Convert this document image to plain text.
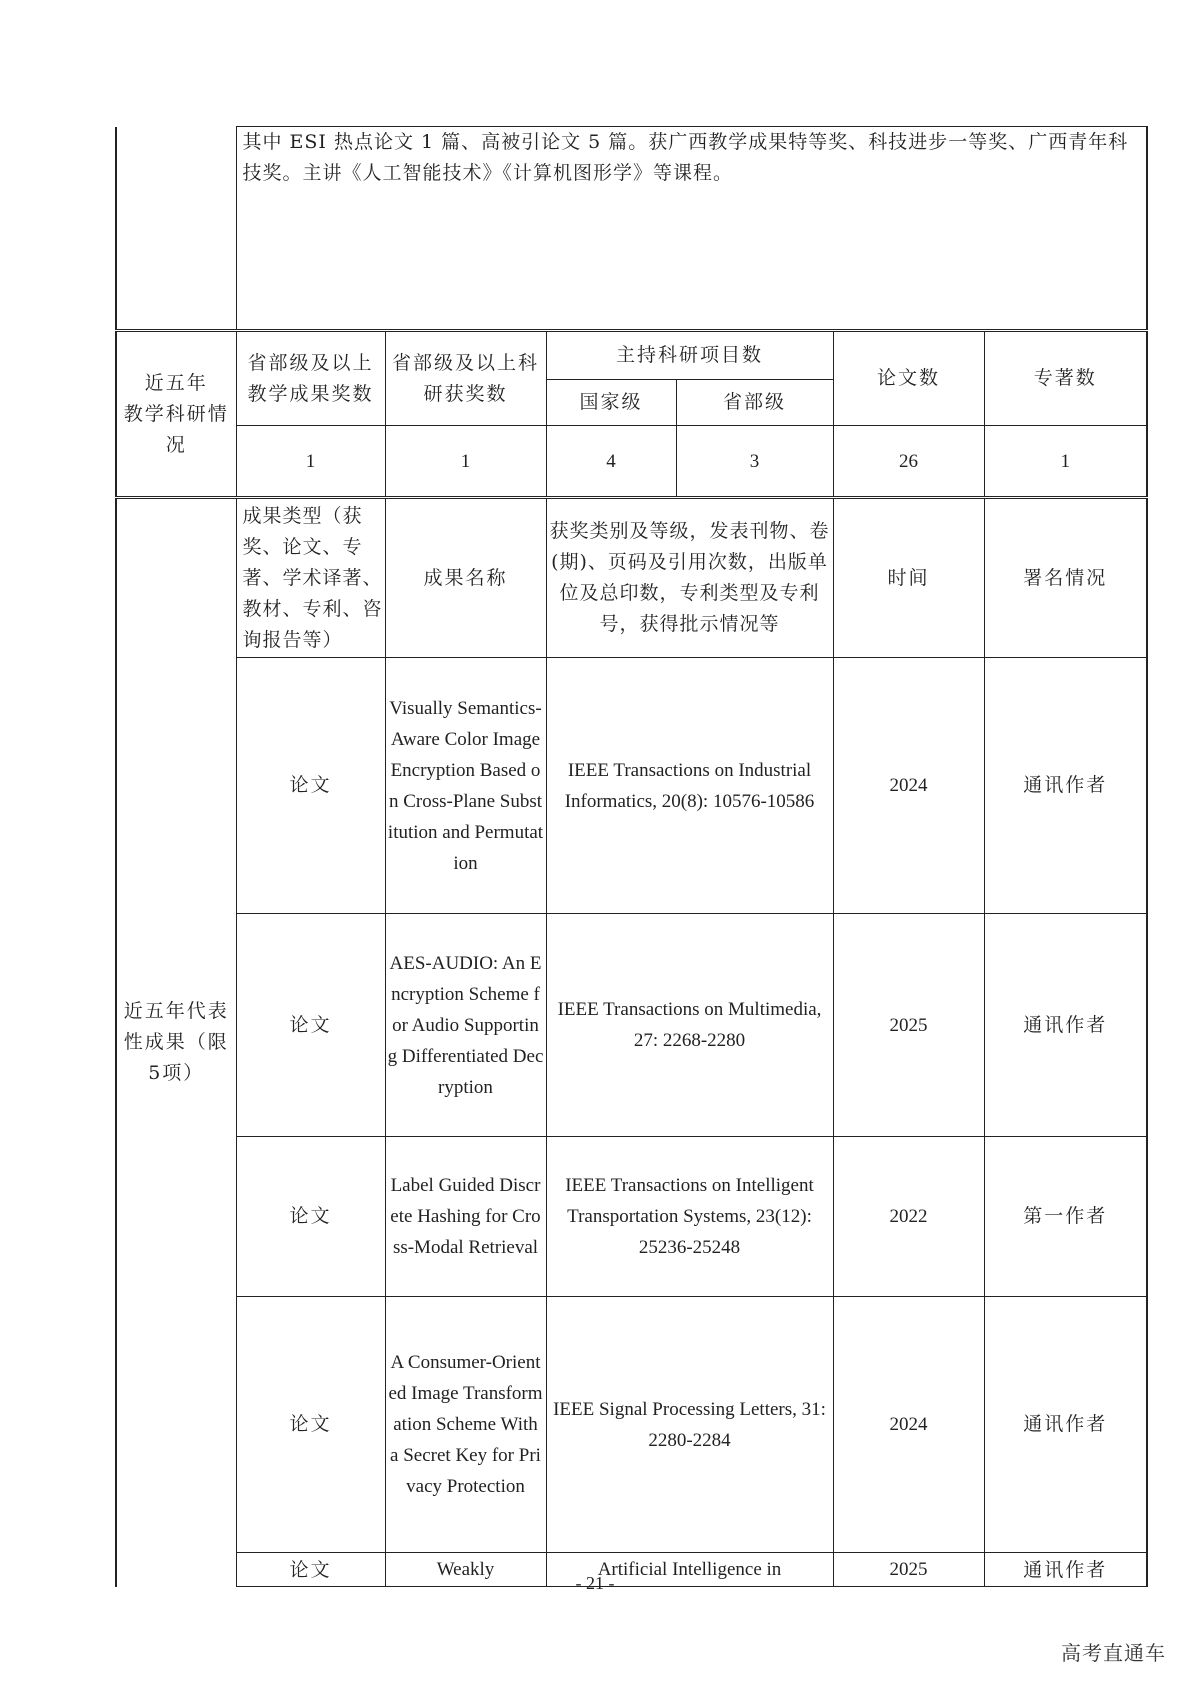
	其中 ESI 热点论文 1 篇、高被引论文 5 篇。获广西教学成果特等奖、科技进步一等奖、广西青年科技奖。主讲《人工智能技术》《计算机图形学》等课程。					
近五年
教学科研情况	省部级及以上教学成果奖数	省部级及以上科研获奖数	主持科研项目数		论文数	专著数
			国家级	省部级		
	1	1	4	3	26	1
近五年代表性成果（限5项）	成果类型（获奖、论文、专著、学术译著、教材、专利、咨询报告等）	成果名称	获奖类别及等级，发表刊物、卷(期)、页码及引用次数，出版单位及总印数，专利类型及专利号，获得批示情况等		时间	署名情况
	论文	Visually Semantics-Aware Color Image Encryption Based on Cross-Plane Substitution and Permutation	IEEE Transactions on Industrial Informatics, 20(8): 10576-10586		2024	通讯作者
	论文	AES-AUDIO: An Encryption Scheme for Audio Supporting Differentiated Decryption	IEEE Transactions on Multimedia, 27: 2268-2280		2025	通讯作者
	论文	Label Guided Discrete Hashing for Cross-Modal Retrieval	IEEE Transactions on Intelligent Transportation Systems, 23(12): 25236-25248		2022	第一作者
	论文	A Consumer-Oriented Image Transformation Scheme With a Secret Key for Privacy Protection	IEEE Signal Processing Letters, 31: 2280-2284		2024	通讯作者
	论文	Weakly	Artificial Intelligence in		2025	通讯作者
- 21 -
高考直通车
